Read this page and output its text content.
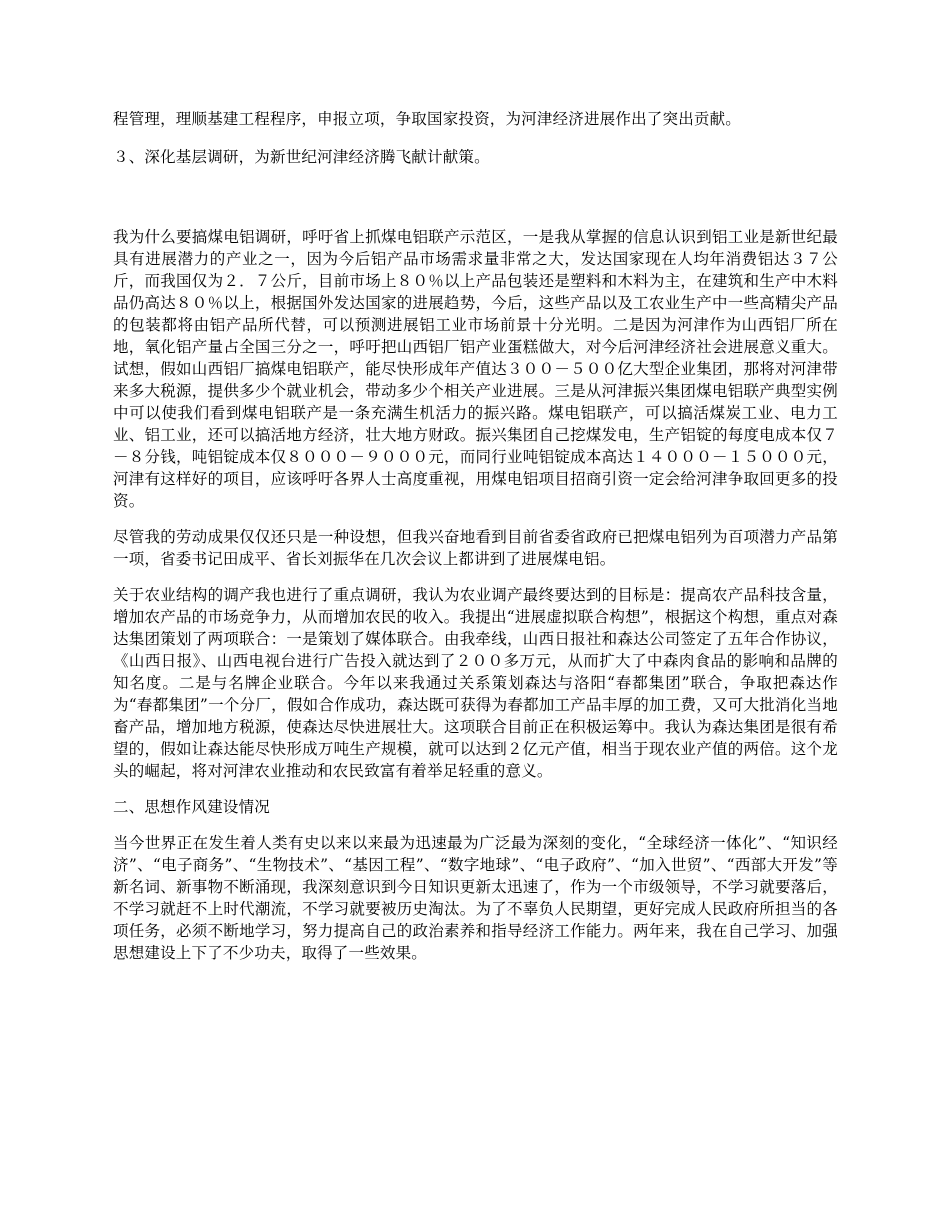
程管理，理顺基建工程程序，申报立项，争取国家投资，为河津经济进展作出了突出贡献。

３、深化基层调研，为新世纪河津经济腾飞献计献策。

我为什么要搞煤电铝调研，呼吁省上抓煤电铝联产示范区，一是我从掌握的信息认识到铝工业是新世纪最具有进展潜力的产业之一，因为今后铝产品市场需求量非常之大，发达国家现在人均年消费铝达３７公斤，而我国仅为２．７公斤，目前市场上８０％以上产品包装还是塑料和木料为主，在建筑和生产中木料品仍高达８０％以上，根据国外发达国家的进展趋势，今后，这些产品以及工农业生产中一些高精尖产品的包装都将由铝产品所代替，可以预测进展铝工业市场前景十分光明。二是因为河津作为山西铝厂所在地，氧化铝产量占全国三分之一，呼吁把山西铝厂铝产业蛋糕做大，对今后河津经济社会进展意义重大。试想，假如山西铝厂搞煤电铝联产，能尽快形成年产值达３００－５００亿大型企业集团，那将对河津带来多大税源，提供多少个就业机会，带动多少个相关产业进展。三是从河津振兴集团煤电铝联产典型实例中可以使我们看到煤电铝联产是一条充满生机活力的振兴路。煤电铝联产，可以搞活煤炭工业、电力工业、铝工业，还可以搞活地方经济，壮大地方财政。振兴集团自己挖煤发电，生产铝锭的每度电成本仅７－８分钱，吨铝锭成本仅８０００－９０００元，而同行业吨铝锭成本高达１４０００－１５０００元，河津有这样好的项目，应该呼吁各界人士高度重视，用煤电铝项目招商引资一定会给河津争取回更多的投资。

尽管我的劳动成果仅仅还只是一种设想，但我兴奋地看到目前省委省政府已把煤电铝列为百项潜力产品第一项，省委书记田成平、省长刘振华在几次会议上都讲到了进展煤电铝。

关于农业结构的调产我也进行了重点调研，我认为农业调产最终要达到的目标是：提高农产品科技含量，增加农产品的市场竞争力，从而增加农民的收入。我提出“进展虚拟联合构想”，根据这个构想，重点对森达集团策划了两项联合：一是策划了媒体联合。由我牵线，山西日报社和森达公司签定了五年合作协议，《山西日报》、山西电视台进行广告投入就达到了２００多万元，从而扩大了中森肉食品的影响和品牌的知名度。二是与名牌企业联合。今年以来我通过关系策划森达与洛阳“春都集团”联合，争取把森达作为“春都集团”一个分厂，假如合作成功，森达既可获得为春都加工产品丰厚的加工费，又可大批消化当地畜产品，增加地方税源，使森达尽快进展壮大。这项联合目前正在积极运筹中。我认为森达集团是很有希望的，假如让森达能尽快形成万吨生产规模，就可以达到２亿元产值，相当于现农业产值的两倍。这个龙头的崛起，将对河津农业推动和农民致富有着举足轻重的意义。

二、思想作风建设情况

当今世界正在发生着人类有史以来以来最为迅速最为广泛最为深刻的变化，“全球经济一体化”、“知识经济”、“电子商务”、“生物技术”、“基因工程”、“数字地球”、“电子政府”、“加入世贸”、“西部大开发”等新名词、新事物不断涌现，我深刻意识到今日知识更新太迅速了，作为一个市级领导，不学习就要落后，不学习就赶不上时代潮流，不学习就要被历史淘汰。为了不辜负人民期望，更好完成人民政府所担当的各项任务，必须不断地学习，努力提高自己的政治素养和指导经济工作能力。两年来，我在自己学习、加强思想建设上下了不少功夫，取得了一些效果。
